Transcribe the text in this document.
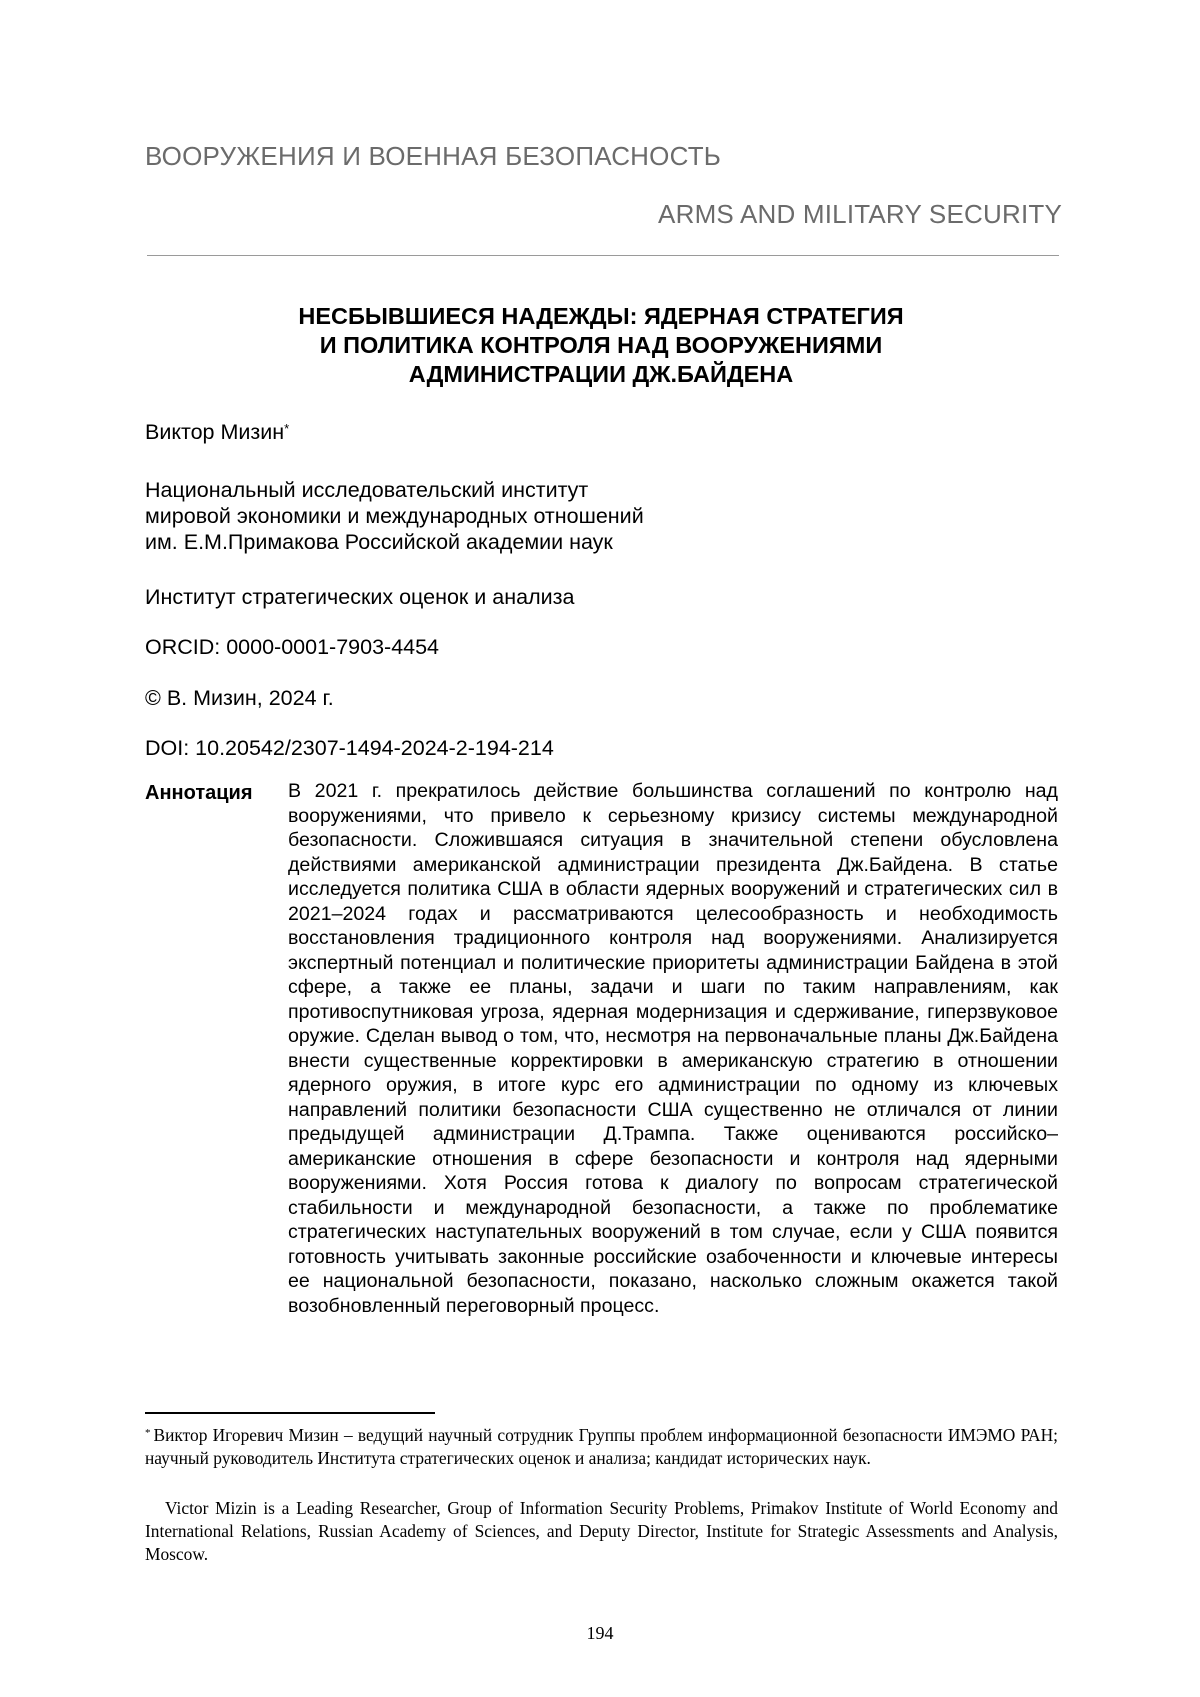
ВООРУЖЕНИЯ И ВОЕННАЯ БЕЗОПАСНОСТЬ
ARMS AND MILITARY SECURITY
НЕСБЫВШИЕСЯ НАДЕЖДЫ: ЯДЕРНАЯ СТРАТЕГИЯ
И ПОЛИТИКА КОНТРОЛЯ НАД ВООРУЖЕНИЯМИ
АДМИНИСТРАЦИИ ДЖ.БАЙДЕНА
Виктор Мизин*
Национальный исследовательский институт
мировой экономики и международных отношений
им. Е.М.Примакова Российской академии наук
Институт стратегических оценок и анализа
ORCID: 0000-0001-7903-4454
© В. Мизин, 2024 г.
DOI: 10.20542/2307-1494-2024-2-194-214
Аннотация В 2021 г. прекратилось действие большинства соглашений по контролю над вооружениями, что привело к серьезному кризису системы международной безопасности. Сложившаяся ситуация в значительной степени обусловлена действиями американской администрации президента Дж.Байдена. В статье исследуется политика США в области ядерных вооружений и стратегических сил в 2021–2024 годах и рассматриваются целесообразность и необходимость восстановления традиционного контроля над вооружениями. Анализируется экспертный потенциал и политические приоритеты администрации Байдена в этой сфере, а также ее планы, задачи и шаги по таким направлениям, как противоспутниковая угроза, ядерная модернизация и сдерживание, гиперзвуковое оружие. Сделан вывод о том, что, несмотря на первоначальные планы Дж.Байдена внести существенные корректировки в американскую стратегию в отношении ядерного оружия, в итоге курс его администрации по одному из ключевых направлений политики безопасности США существенно не отличался от линии предыдущей администрации Д.Трампа. Также оцениваются российско–американские отношения в сфере безопасности и контроля над ядерными вооружениями. Хотя Россия готова к диалогу по вопросам стратегической стабильности и международной безопасности, а также по проблематике стратегических наступательных вооружений в том случае, если у США появится готовность учитывать законные российские озабоченности и ключевые интересы ее национальной безопасности, показано, насколько сложным окажется такой возобновленный переговорный процесс.
* Виктор Игоревич Мизин – ведущий научный сотрудник Группы проблем информационной безопасности ИМЭМО РАН; научный руководитель Института стратегических оценок и анализа; кандидат исторических наук.
Victor Mizin is a Leading Researcher, Group of Information Security Problems, Primakov Institute of World Economy and International Relations, Russian Academy of Sciences, and Deputy Director, Institute for Strategic Assessments and Analysis, Moscow.
194
